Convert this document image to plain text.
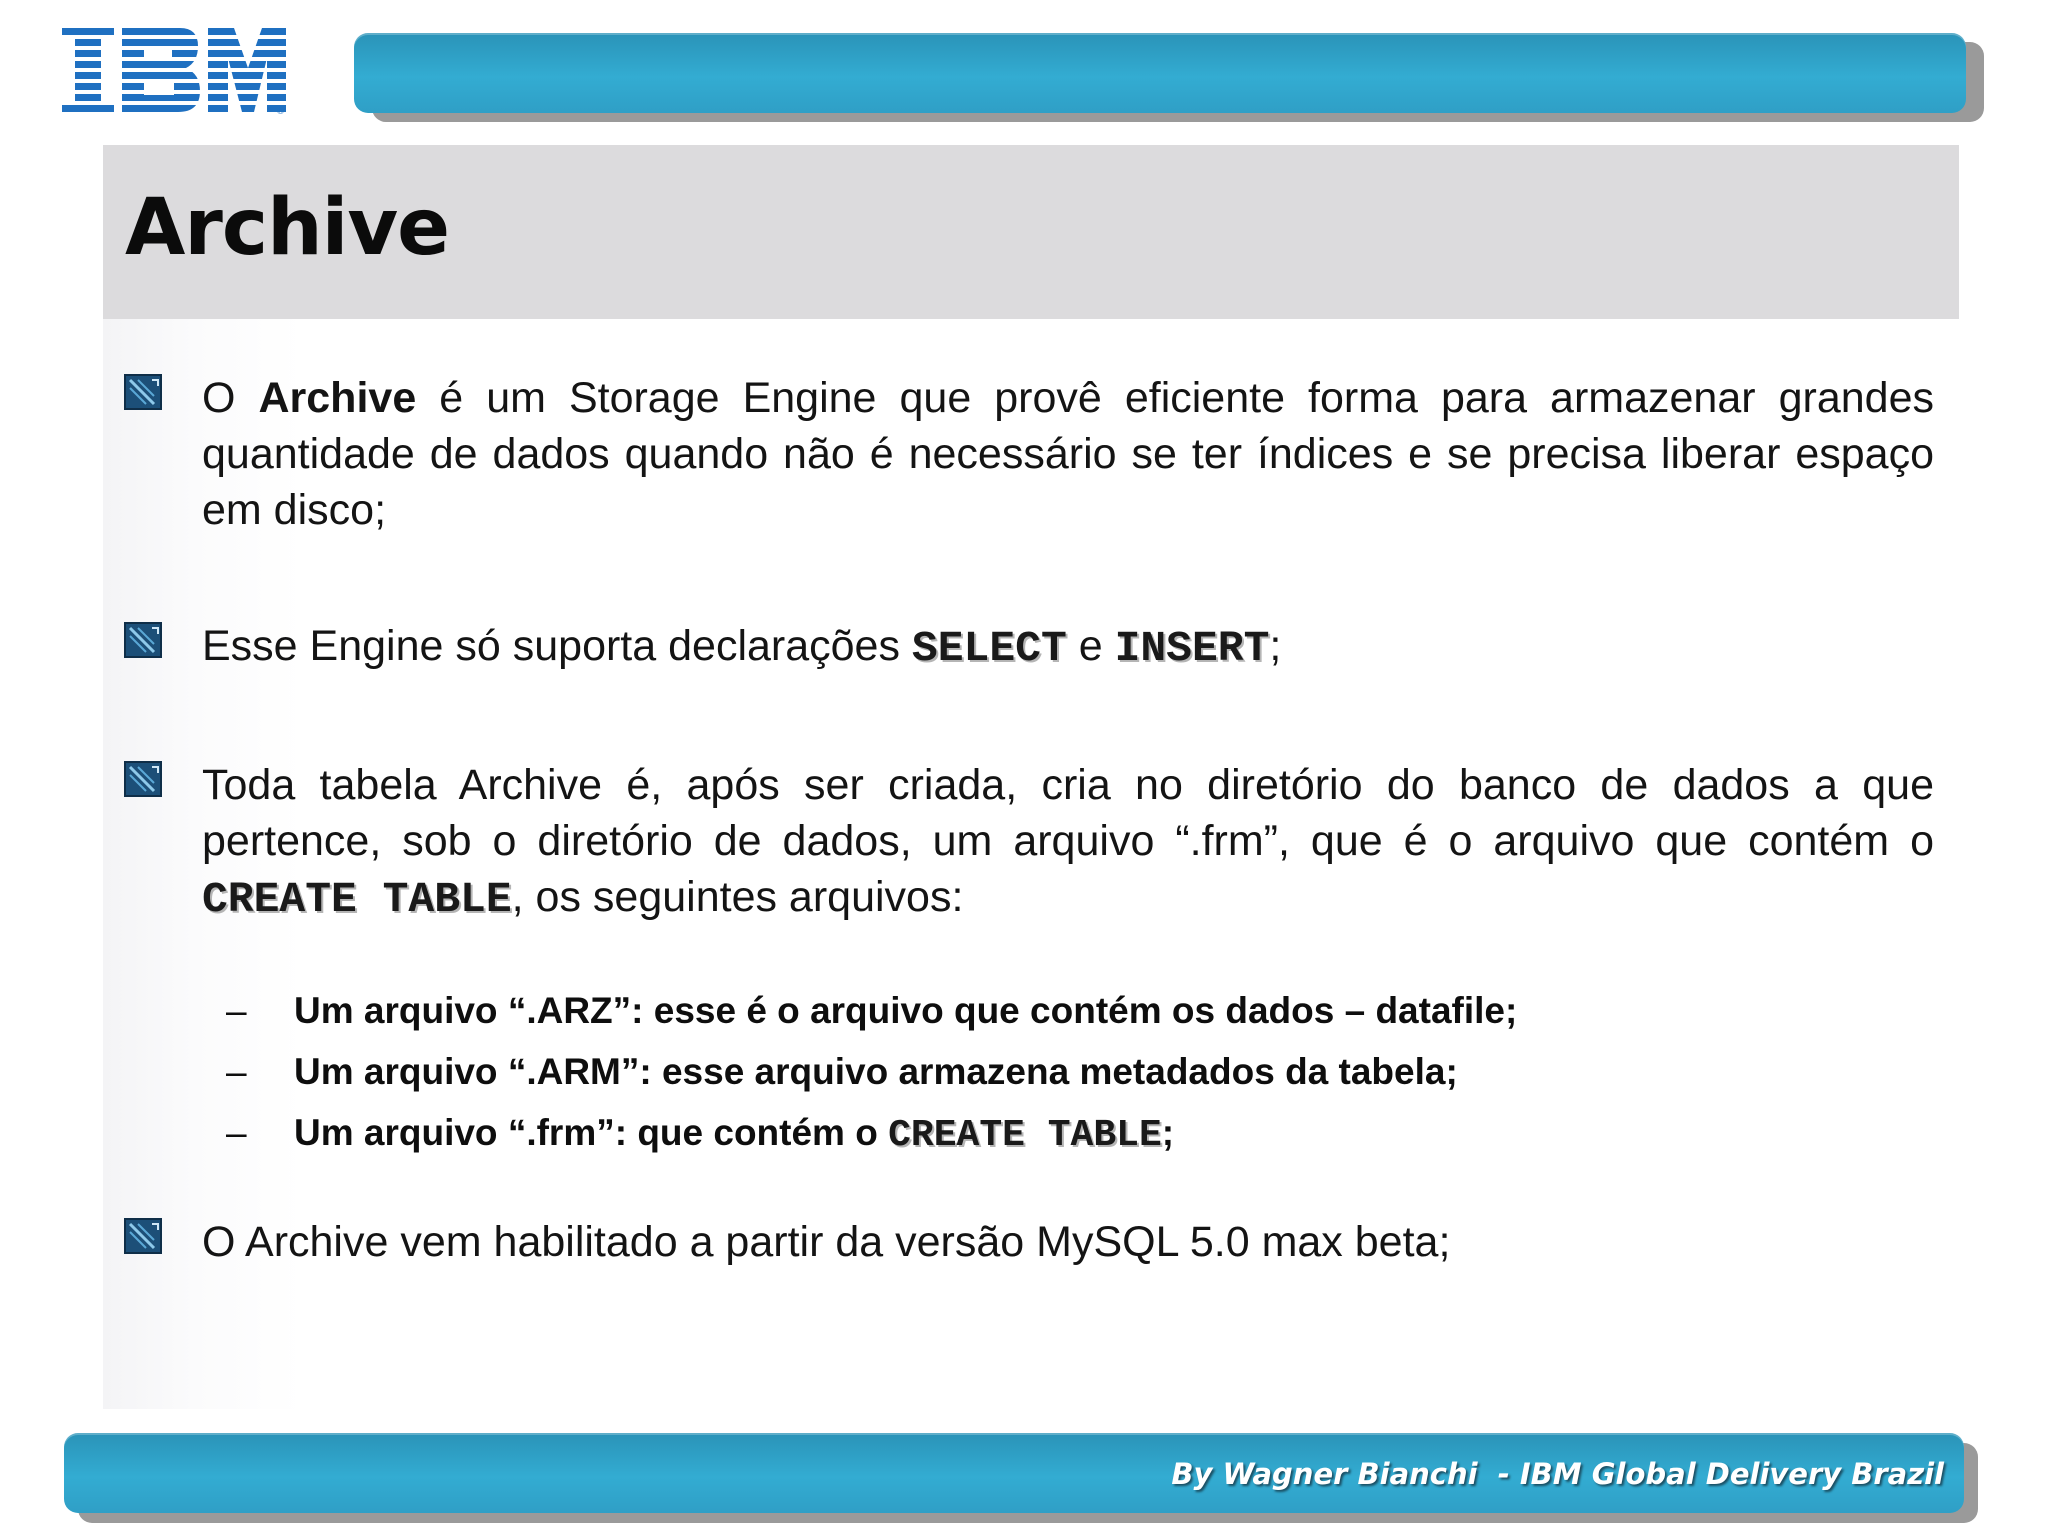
®
Archive
O Archive é um Storage Engine que provê eficiente forma para armazenar grandes quantidade de dados quando não é necessário se ter índices e se precisa liberar espaço em disco;
Esse Engine só suporta declarações SELECT e INSERT;
Toda tabela Archive é, após ser criada, cria no diretório do banco de dados a que pertence, sob o diretório de dados, um arquivo “.frm”, que é o arquivo que contém o CREATE TABLE, os seguintes arquivos:
– Um arquivo “.ARZ”: esse é o arquivo que contém os dados – datafile;
– Um arquivo “.ARM”: esse arquivo armazena metadados da tabela;
– Um arquivo “.frm”: que contém o CREATE TABLE;
O Archive vem habilitado a partir da versão MySQL 5.0 max beta;
By Wagner Bianchi  - IBM Global Delivery Brazil
